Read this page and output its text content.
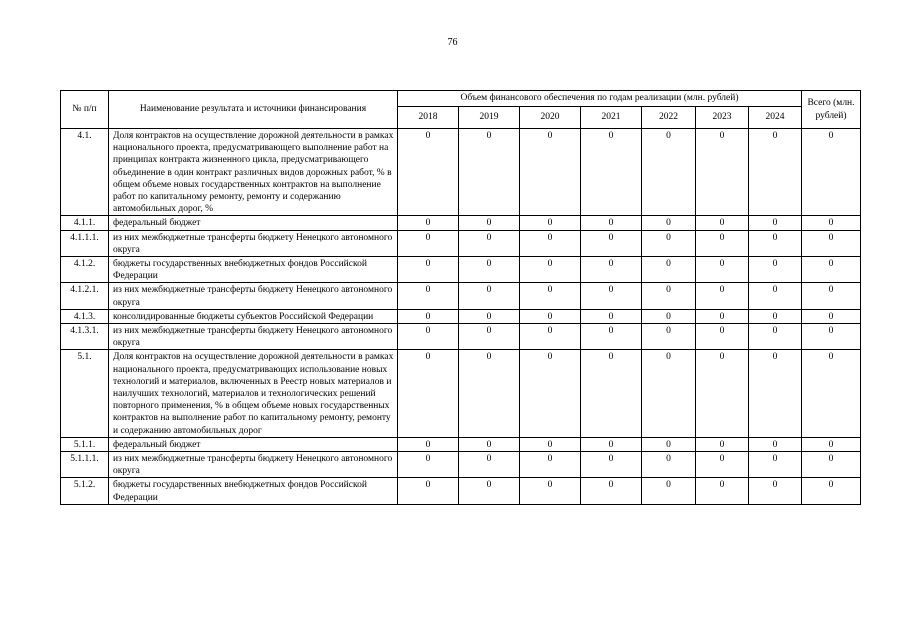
76
№ п/п	Наименование результата и источники финансирования	Объем финансового обеспечения по годам реализации (млн. рублей)							Всего (млн. рублей)
		2018	2019	2020	2021	2022	2023	2024	
4.1.	Доля контрактов на осуществление дорожной деятельности в рамках национального проекта, предусматривающего выполнение работ на принципах контракта жизненного цикла, предусматривающего объединение в один контракт различных видов дорожных работ, % в общем объеме новых государственных контрактов на выполнение работ по капитальному ремонту, ремонту и содержанию автомобильных дорог, %	0	0	0	0	0	0	0	0
4.1.1.	федеральный бюджет	0	0	0	0	0	0	0	0
4.1.1.1.	из них межбюджетные трансферты бюджету Ненецкого автономного округа	0	0	0	0	0	0	0	0
4.1.2.	бюджеты государственных внебюджетных фондов Российской Федерации	0	0	0	0	0	0	0	0
4.1.2.1.	из них межбюджетные трансферты бюджету Ненецкого автономного округа	0	0	0	0	0	0	0	0
4.1.3.	консолидированные бюджеты субъектов Российской Федерации	0	0	0	0	0	0	0	0
4.1.3.1.	из них межбюджетные трансферты бюджету Ненецкого автономного округа	0	0	0	0	0	0	0	0
5.1.	Доля контрактов на осуществление дорожной деятельности в рамках национального проекта, предусматривающих использование новых технологий и материалов, включенных в Реестр новых материалов и наилучших технологий, материалов и технологических решений повторного применения, % в общем объеме новых государственных контрактов на выполнение работ по капитальному ремонту, ремонту и содержанию автомобильных дорог	0	0	0	0	0	0	0	0
5.1.1.	федеральный бюджет	0	0	0	0	0	0	0	0
5.1.1.1.	из них межбюджетные трансферты бюджету Ненецкого автономного округа	0	0	0	0	0	0	0	0
5.1.2.	бюджеты государственных внебюджетных фондов Российской Федерации	0	0	0	0	0	0	0	0
